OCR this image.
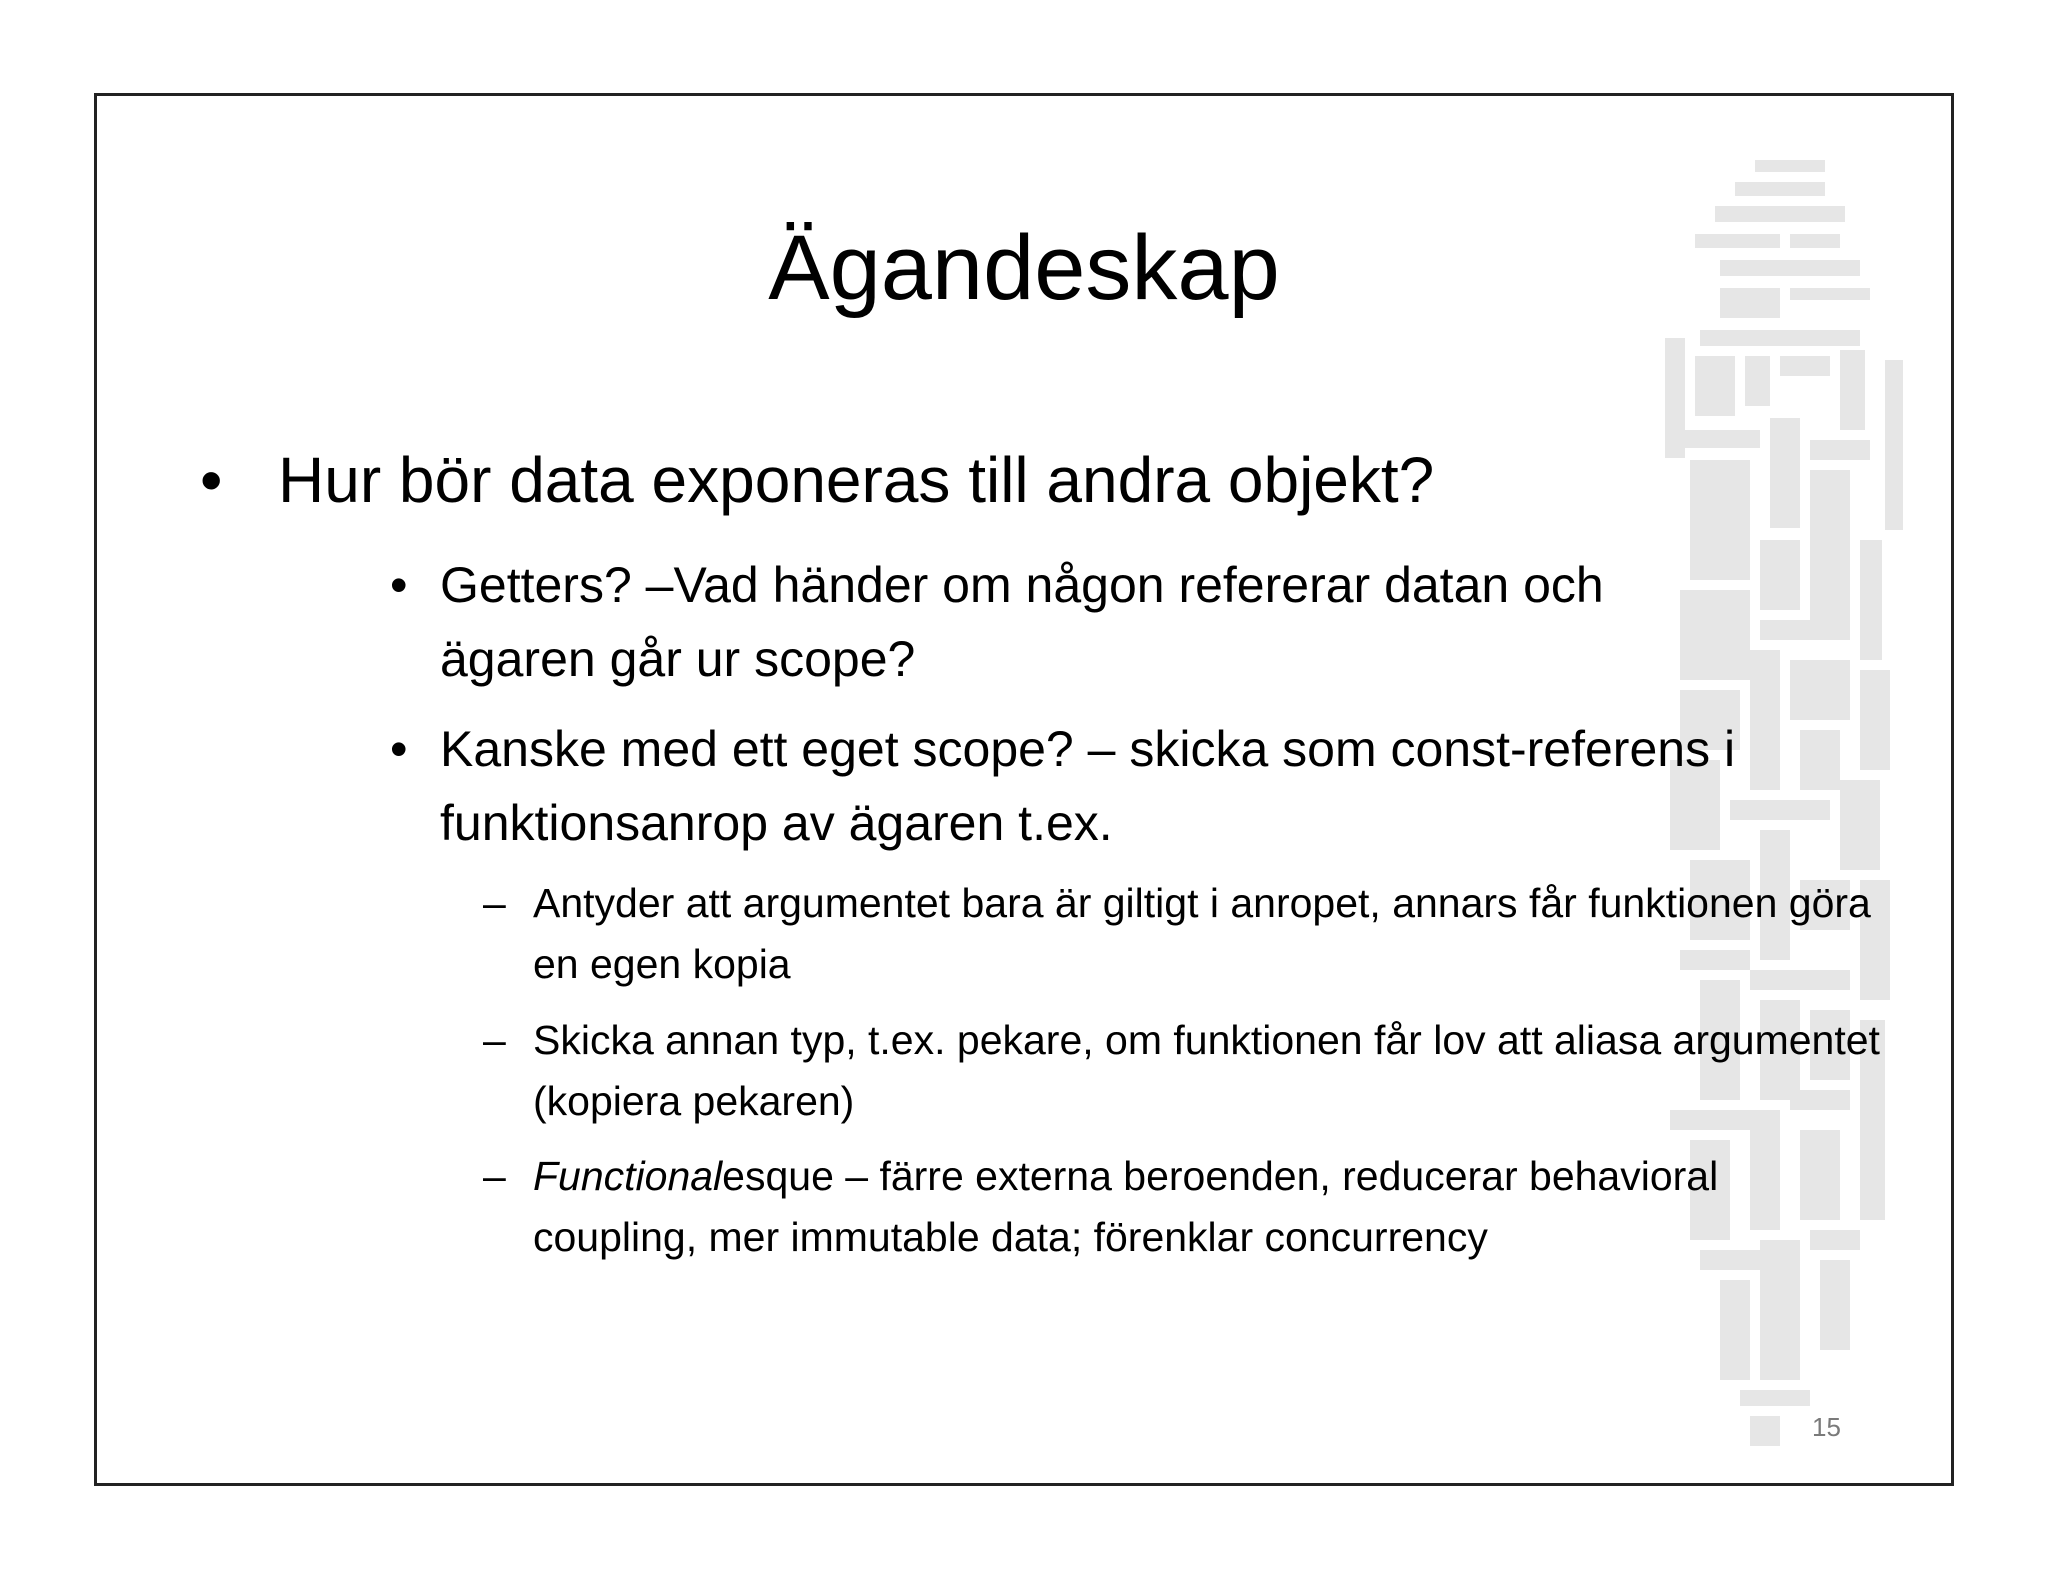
Ägandeskap
• Hur bör data exponeras till andra objekt?
• Getters? –Vad händer om någon refererar datan och ägaren går ur scope?
• Kanske med ett eget scope? – skicka som const-referens i funktionsanrop av ägaren t.ex.
– Antyder att argumentet bara är giltigt i anropet, annars får funktionen göra en egen kopia
– Skicka annan typ, t.ex. pekare, om funktionen får lov att aliasa argumentet (kopiera pekaren)
– Functionalesque – färre externa beroenden, reducerar behavioral coupling, mer immutable data; förenklar concurrency
15
